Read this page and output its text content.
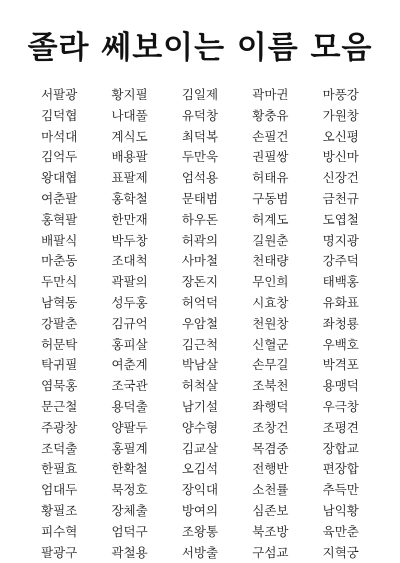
졸라 쎄보이는 이름 모음
서팔광	황지필	김일제	곽마귄	마풍강
김덕협	나대풀	유덕창	황충유	가원창
마석대	계식도	최덕복	손필건	오신평
김억두	배용팔	두만욱	권필쌍	방신마
왕대협	표팔제	엄석용	허태유	신장건
여춘팔	홍학철	문태범	구동범	금천규
홍혁팔	한만재	하우돈	허계도	도엽철
배팔식	박두창	허곽의	길원춘	명지광
마춘동	조대척	사마철	천태량	강주덕
두만식	곽팔의	장돈지	무인희	태백홍
남혁동	성두홍	허억덕	시효창	유화표
강팔춘	김규억	우암철	천원창	좌청룡
허문탁	홍피살	김근척	신혈군	우백호
탁귀필	여춘계	박남살	손무길	박격포
염묵홍	조국관	허척살	조북천	용맹덕
문근철	용덕출	남기설	좌행덕	우극창
주광창	양팔두	양수형	조창건	조평견
조덕출	홍필계	김교살	목겸중	장합교
한필효	한확철	오김석	전행반	편장합
엄대두	묵정호	장익대	소천률	추득만
황필조	장체출	방여의	심존보	남익황
피수혁	엄덕구	조왕통	북조방	육만춘
팔광구	곽철용	서방출	구섬교	지혁궁
